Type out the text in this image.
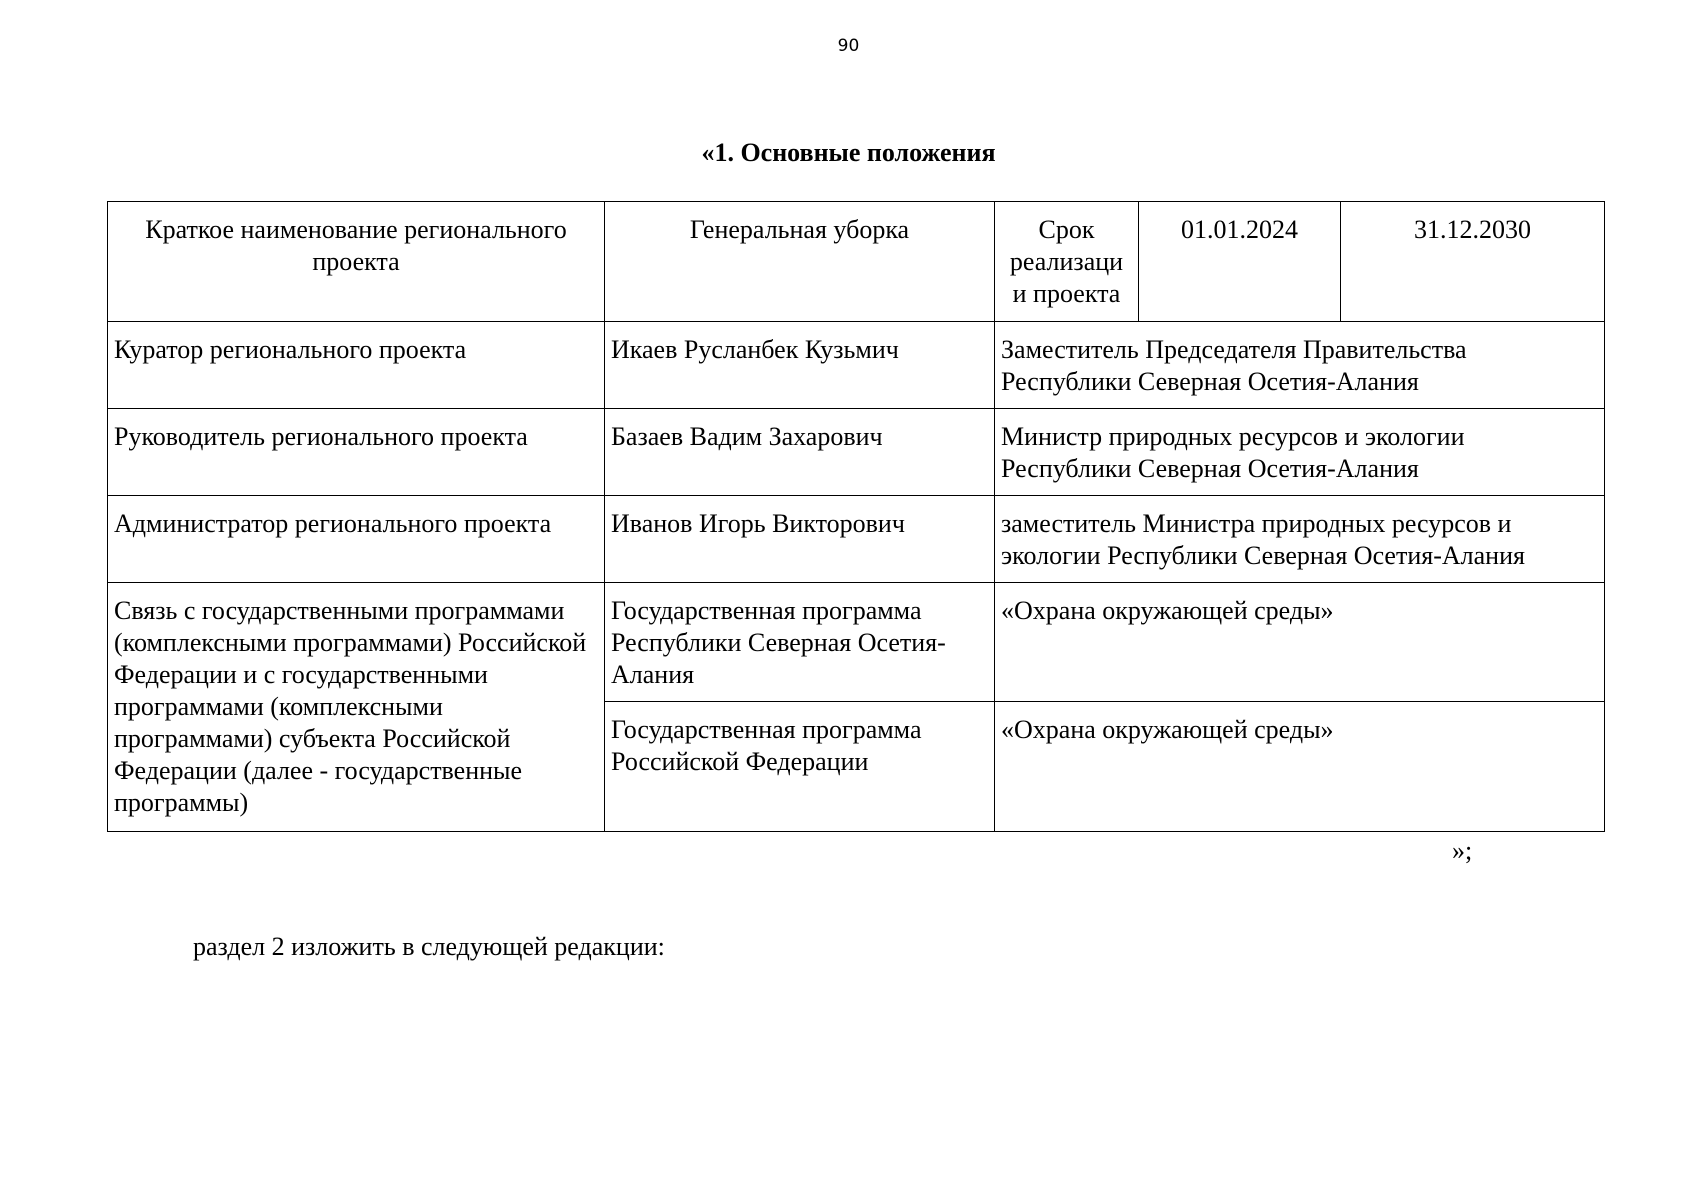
90
«1. Основные положения
Краткое наименование регионального проекта	Генеральная уборка	Срок реализаци и проекта	01.01.2024	31.12.2030
Куратор регионального проекта	Икаев Русланбек Кузьмич	Заместитель Председателя Правительства Республики Северная Осетия-Алания		
Руководитель регионального проекта	Базаев Вадим Захарович	Министр природных ресурсов и экологии Республики Северная Осетия-Алания		
Администратор регионального проекта	Иванов Игорь Викторович	заместитель Министра природных ресурсов и экологии Республики Северная Осетия-Алания		
Связь с государственными программами (комплексными программами) Российской Федерации и с государственными программами (комплексными программами) субъекта Российской Федерации (далее - государственные программы)	Государственная программа Республики Северная Осетия-Алания	«Охрана окружающей среды»		
	Государственная программа Российской Федерации	«Охрана окружающей среды»		
»;
раздел 2 изложить в следующей редакции:
